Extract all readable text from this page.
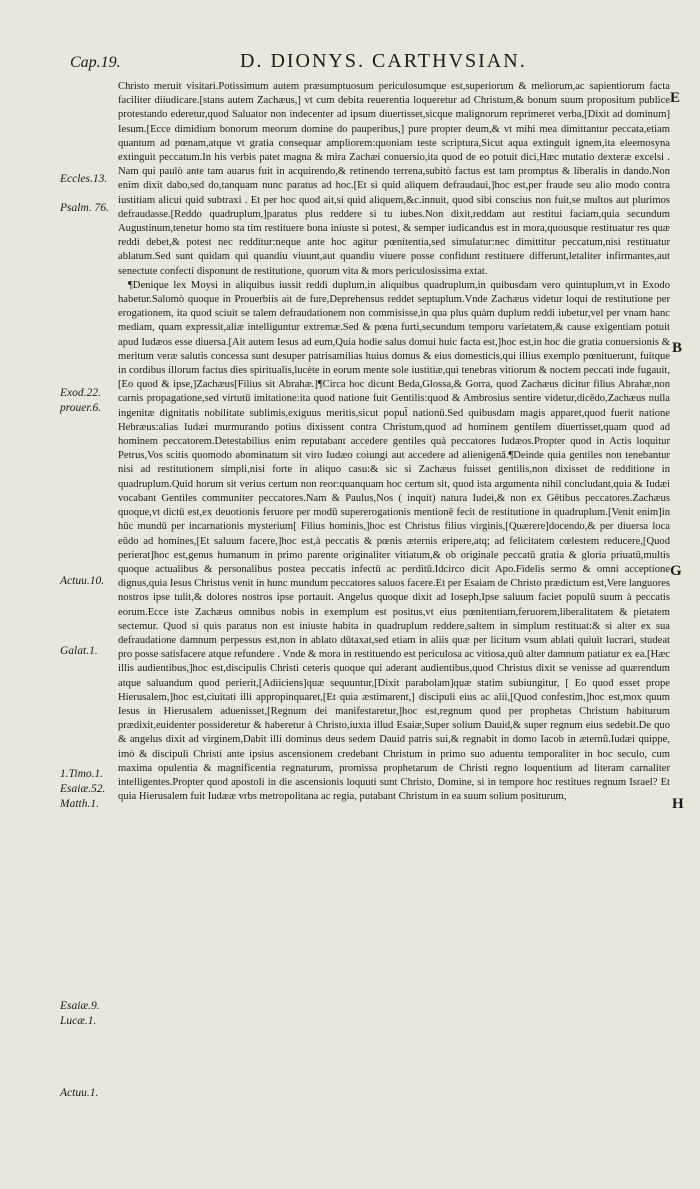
Cap.19.	D. DIONYS. CARTHVSIAN.
E
B
G
H
Eccles.13.
Psalm. 76.
Exod.22.
prouer.6.
Actuu.10.
Galat.1.
1.Timo.1.
Esaiæ.52.
Matth.1.
Esaiæ.9.
Lucæ.1.
Actuu.1.

Christo meruit visitari.Potissimum autem præsumptuosum periculosumque est,superiorum & meliorum,ac sapientiorum facta faciliter diiudicare.[stans autem Zachæus,] vt cum debita reuerentia loqueretur ad Christum,& bonum suum propositum publice protestando ederetur,quod Saluator non indecenter ad ipsum diuertisset,sicque malignorum reprimeret verba,[Dixit ad dominum] Iesum.[Ecce dimidium bonorum meorum domine do pauperibus,] pure propter deum,& vt mihi mea dimittantur peccata,etiam quantum ad pœnam,atque vt gratia consequar ampliorem:quoniam teste scriptura,Sicut aqua extinguit ignem,ita eleemosyna extinguit peccatum.In his verbis patet magna & mira Zachæi conuersio,ita quod de eo potuit dici,Hæc mutatio dexteræ excelsi . Nam qui paulò ante tam auarus fuit in acquirendo,& retinendo terrena,subitò factus est tam promptus & liberalis in dando.Non enim dixit dabo,sed do,tanquam nunc paratus ad hoc.[Et si quid aliquem defraudaui,]hoc est,per fraude seu alio modo contra iustitiam alicui quid subtraxi . Et per hoc quod ait,si quid aliquem,&c.innuit, quod sibi conscius non fuit,se multos aut plurimos defraudasse.[Reddo quadruplum,]paratus plus reddere si tu iubes.Non dixit,reddam aut restitui faciam,quia secundum Augustinum,tenetur homo sta tim restituere bona iniuste si potest, & semper iudicandus est in mora,quousque restituatur res quæ reddi debet,& potest nec redditur:neque ante hoc agitur pœnitentia,sed simulatur:nec dimittitur peccatum,nisi restituatur ablatum.Sed sunt quidam qui quandiu viuunt,aut quandiu viuere posse confidunt restituere differunt,letaliter infirmantes,aut senectute confecti disponunt de restitutione, quorum vita & mors periculosissima extat.

¶Denique lex Moysi in aliquibus iussit reddi duplum,in aliquibus quadruplum,in quibusdam vero quintuplum,vt in Exodo habetur.Salomò quoque in Prouerbiis ait de fure,Deprehensus reddet septuplum.Vnde Zachæus videtur loqui de restitutione per erogationem, ita quod sciuit se talem defraudationem non commisisse,in qua plus quàm duplum reddi iubetur,vel per vnam hanc mediam, quam expressit,aliæ intelliguntur extremæ.Sed & pœna furti,secundum temporu varietatem,& cause exigentiam potuit apud Iudæos esse diuersa.[Ait autem Iesus ad eum,Quia hodie salus domui huic facta est,]hoc est,in hoc die gratia conuersionis & meritum veræ salutis concessa sunt desuper patrisamilias huius domus & eius domesticis,qui illius exemplo pœnituerunt, fuitque in cordibus illorum factus dies spiritualis,lucète in eorum mente sole iustitiæ,qui tenebras vitiorum & noctem peccati inde fugauit,[Eo quod & ipse,]Zachæus[Filius sit Abrahæ.]¶Circa hoc dicunt Beda,Glossa,& Gorra, quod Zachæus dicitur filius Abrahæ,non carnis propagatione,sed virtutū imitatione:ita quod natione fuit Gentilis:quod & Ambrosius sentire videtur,dicēdo,Zachæus nulla ingenitæ dignitatis nobilitate sublimis,exiguus meritis,sicut popul̄ nationū.Sed quibusdam magis apparet,quod fuerit natione Hebræus:alias Iudæi murmurando potius dixissent contra Christum,quod ad hominem gentilem diuertisset,quam quod ad hominem peccatorem.Detestabilius enim reputabant accedere gentiles quà peccatores Iudæos.Propter quod in Actis loquitur Petrus,Vos scitis quomodo abominatum sit viro Iudæo coiungi aut accedere ad alienigenā.¶Deinde quia gentiles non tenebantur nisi ad restitutionem simpli,nisi forte in aliquo casu:& sic si Zachæus fuisset gentilis,non dixisset de redditione in quadruplum.Quid horum sit verius certum non reor:quanquam hoc certum sit, quod ista argumenta nihil concludant,quia & Iudæi vocabant Gentiles communiter peccatores.Nam & Paulus,Nos ( inquit) natura Iudei,& non ex Gētibus peccatores.Zachæus quoque,vt dictū est,ex deuotionis feruore per modū supererogationis mentionē fecit de restitutione in quadruplum.[Venit enim]in hūc mundū per incarnationis mysterium[ Filius hominis,]hoc est Christus filius virginis,[Quærere]docendo,& per diuersa loca eūdo ad homines,[Et saluum facere,]hoc est,à peccatis & pœnis æternis eripere,atq; ad felicitatem cœlestem reducere,[Quod perierat]hoc est,genus humanum in primo parente originaliter vitiatum,& ob originale peccatū gratia & gloria priuatū,multis quoque actualibus & personalibus postea peccatis infectū ac perditū.Idcirco dicit Apo.Fidelis sermo & omni acceptione dignus,quia Iesus Christus venit in hunc mundum peccatores saluos facere.Et per Esaiam de Christo prædictum est,Vere languores nostros ipse tulit,& dolores nostros ipse portauit. Angelus quoque dixit ad Ioseph,Ipse saluum faciet populū suum à peccatis eorum.Ecce iste Zachæus omnibus nobis in exemplum est positus,vt eius pœnitentiam,feruorem,liberalitatem & pietatem sectemur. Quod si quis paratus non est iniuste habita in quadruplum reddere,saltem in simplum restituat:& si alter ex sua defraudatione damnum perpessus est,non in ablato dūtaxat,sed etiam in aliis quæ per licitum vsum ablati quiuit lucrari, studeat pro posse satisfacere atque refundere . Vnde & mora in restituendo est periculosa ac vitiosa,quū alter damnum patiatur ex ea.[Hæc illis audientibus,]hoc est,discipulis Christi ceteris quoque qui aderant audientibus,quod Christus dixit se venisse ad quærendum atque saluandum quod perierit,[Adiiciens]quæ sequuntur,[Dixit parabolam]quæ statim subiungitur, [ Eo quod esset prope Hierusalem,]hoc est,ciuitati illi appropinquaret,[Et quia æstimarent,] discipuli eius ac alii,[Quod confestim,]hoc est,mox quum Iesus in Hierusalem aduenisset,[Regnum dei manifestaretur,]hoc est,regnum quod per prophetas Christum habiturum prædixit,euidenter possideretur & haberetur à Christo,iuxta illud Esaiæ,Super solium Dauid,& super regnum eius sedebit.De quo & angelus dixit ad virginem,Dabit illi dominus deus sedem Dauid patris sui,& regnabit in domo Iacob in æternū.Iudæi quippe, imò & discipuli Christi ante ipsius ascensionem credebant Christum in primo suo aduentu temporaliter in hoc seculo, cum maxima opulentia & magnificentia regnaturum, promissa prophetarum de Christi regno loquentium ad literam carnaliter intelligentes.Propter quod apostoli in die ascensionis loquuti sunt Christo, Domine, si in tempore hoc restitues regnum Israel? Et quia Hierusalem fuit Iudææ vrbs metropolitana ac regia, putabant Christum in ea suum solium positurum,
